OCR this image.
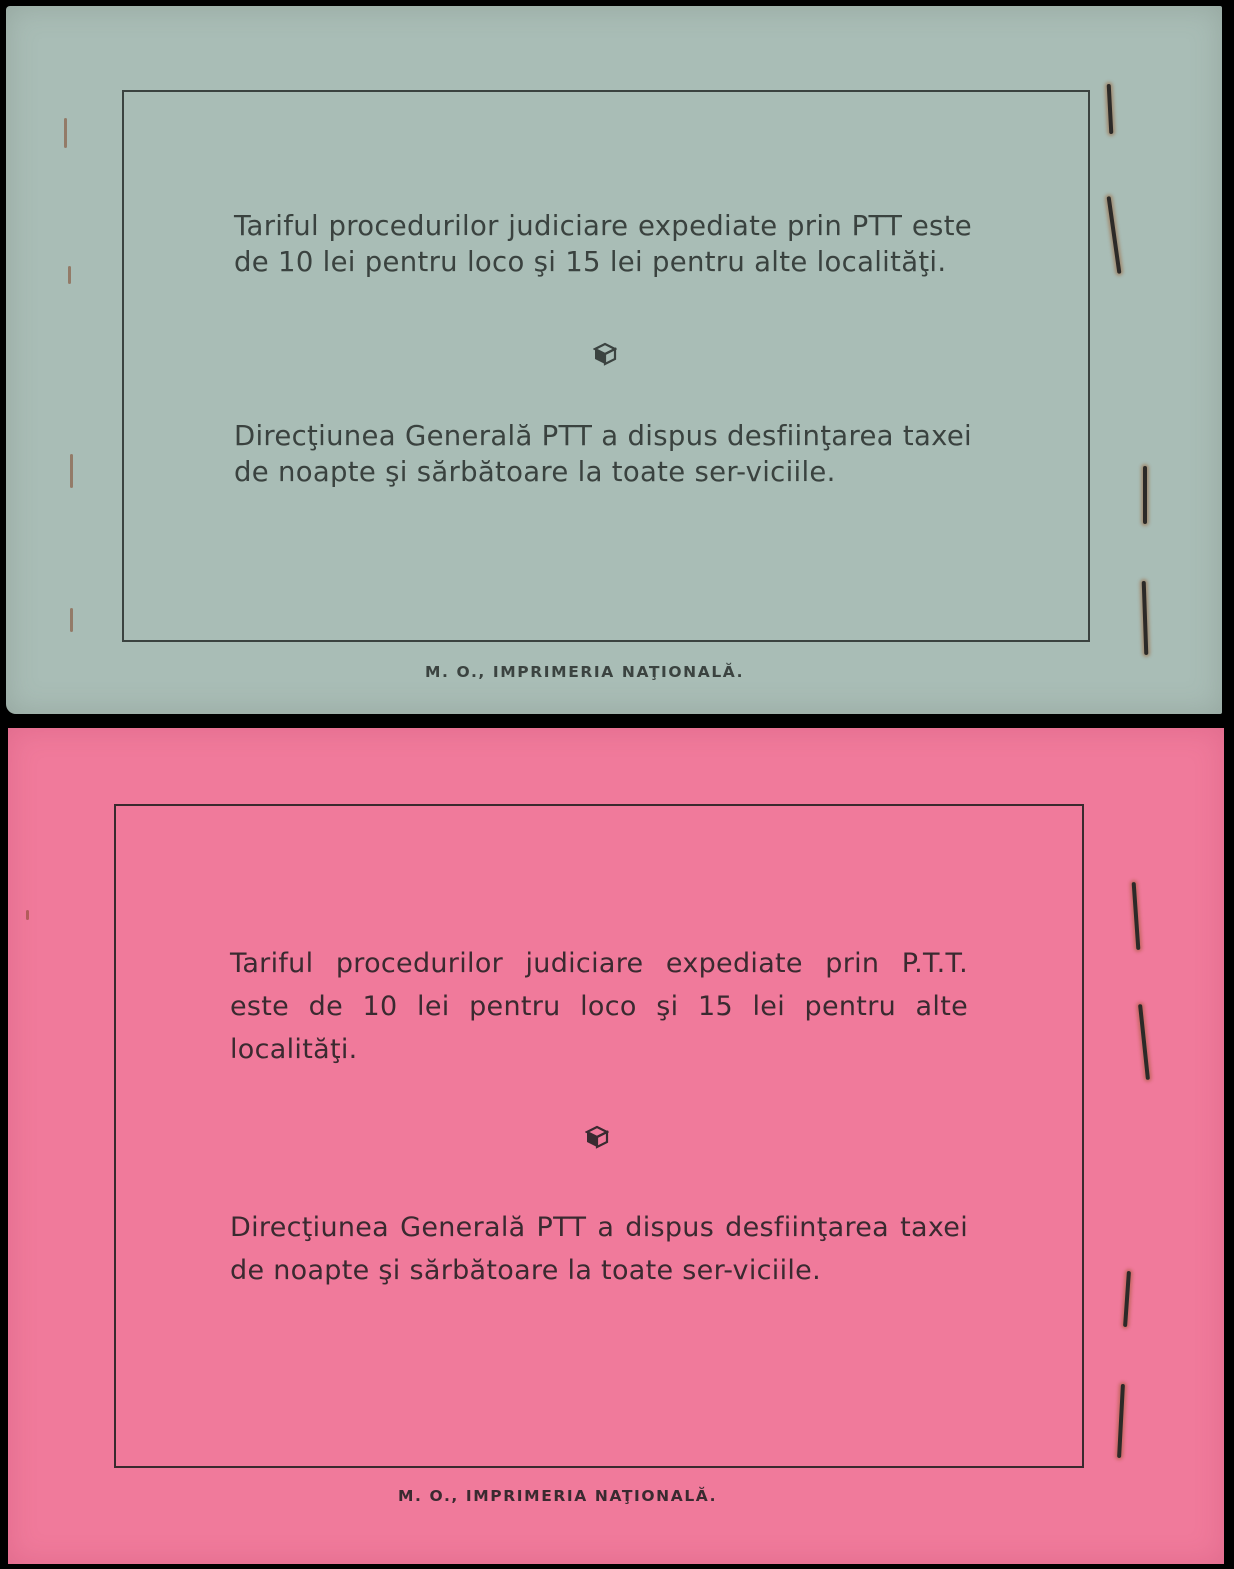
Tariful procedurilor judiciare expediate prin PTT este de 10 lei pentru loco şi 15 lei pentru alte localităţi.

Direcţiunea Generală PTT a dispus desfiinţarea taxei de noapte şi sărbătoare la toate ser-viciile.

M. O., IMPRIMERIA NAŢIONALĂ.

Tariful procedurilor judiciare expediate prin P.T.T. este de 10 lei pentru loco şi 15 lei pentru alte localităţi.

Direcţiunea Generală PTT a dispus desfiinţarea taxei de noapte şi sărbătoare la toate ser-viciile.

M. O., IMPRIMERIA NAŢIONALĂ.
